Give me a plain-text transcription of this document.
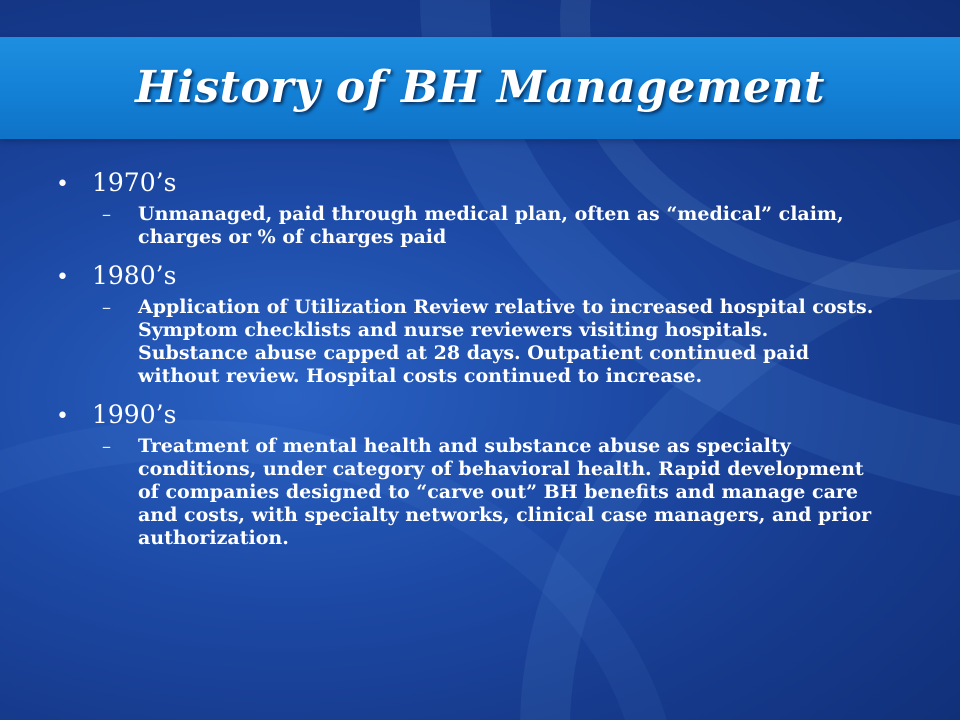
History of BH Management
• 1970’s
–	Unmanaged, paid through medical plan, often as “medical” claim, charges or % of charges paid
• 1980’s
–	Application of Utilization Review relative to increased hospital costs. Symptom checklists and nurse reviewers visiting hospitals. Substance abuse capped at 28 days. Outpatient continued paid without review. Hospital costs continued to increase.
• 1990’s
–	Treatment of mental health and substance abuse as specialty conditions, under category of behavioral health. Rapid development of companies designed to “carve out” BH benefits and manage care and costs, with specialty networks, clinical case managers, and prior authorization.
